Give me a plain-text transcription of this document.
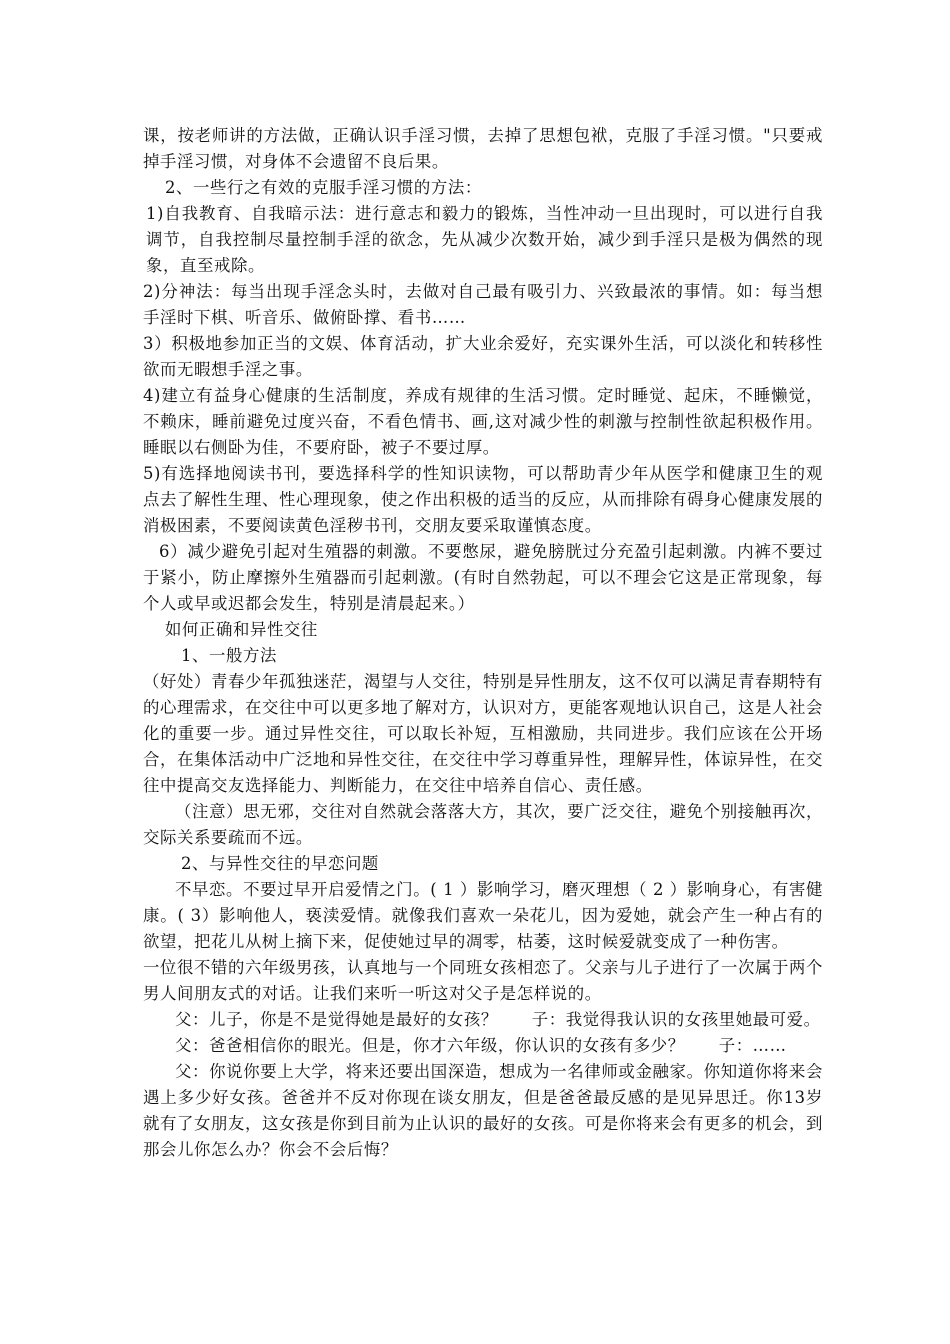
课，按老师讲的方法做，正确认识手淫习惯，去掉了思想包袱，克服了手淫习惯。"只要戒掉手淫习惯，对身体不会遗留不良后果。

2、一些行之有效的克服手淫习惯的方法：

1)自我教育、自我暗示法：进行意志和毅力的锻炼，当性冲动一旦出现时，可以进行自我调节，自我控制尽量控制手淫的欲念，先从减少次数开始，减少到手淫只是极为偶然的现象，直至戒除。

2)分神法：每当出现手淫念头时，去做对自己最有吸引力、兴致最浓的事情。如：每当想手淫时下棋、听音乐、做俯卧撑、看书……

3）积极地参加正当的文娱、体育活动，扩大业余爱好，充实课外生活，可以淡化和转移性欲而无暇想手淫之事。

4)建立有益身心健康的生活制度，养成有规律的生活习惯。定时睡觉、起床，不睡懒觉，不赖床，睡前避免过度兴奋，不看色情书、画,这对减少性的刺激与控制性欲起积极作用。睡眠以右侧卧为佳，不要府卧，被子不要过厚。

5)有选择地阅读书刊，要选择科学的性知识读物，可以帮助青少年从医学和健康卫生的观点去了解性生理、性心理现象，使之作出积极的适当的反应，从而排除有碍身心健康发展的消极困素，不要阅读黄色淫秽书刊，交朋友要采取谨慎态度。

6）减少避免引起对生殖器的刺激。不要憋尿，避免膀胱过分充盈引起刺激。内裤不要过于紧小，防止摩擦外生殖器而引起刺激。(有时自然勃起，可以不理会它这是正常现象，每个人或早或迟都会发生，特别是清晨起来。）

如何正确和异性交往

1、一般方法

（好处）青春少年孤独迷茫，渴望与人交往，特别是异性朋友，这不仅可以满足青春期特有的心理需求，在交往中可以更多地了解对方，认识对方，更能客观地认识自己，这是人社会化的重要一步。通过异性交往，可以取长补短，互相激励，共同进步。我们应该在公开场合，在集体活动中广泛地和异性交往，在交往中学习尊重异性，理解异性，体谅异性，在交往中提高交友选择能力、判断能力，在交往中培养自信心、责任感。

（注意）思无邪，交往对自然就会落落大方，其次，要广泛交往，避免个别接触再次，交际关系要疏而不远。

2、与异性交往的早恋问题

不早恋。不要过早开启爱情之门。( 1 ）影响学习，磨灭理想（ 2 ）影响身心，有害健康。( 3）影响他人，亵渎爱情。就像我们喜欢一朵花儿，因为爱她，就会产生一种占有的欲望，把花儿从树上摘下来，促使她过早的凋零，枯萎，这时候爱就变成了一种伤害。

一位很不错的六年级男孩，认真地与一个同班女孩相恋了。父亲与儿子进行了一次属于两个男人间朋友式的对话。让我们来听一听这对父子是怎样说的。

父：儿子，你是不是觉得她是最好的女孩？　　子：我觉得我认识的女孩里她最可爱。

父：爸爸相信你的眼光。但是，你才六年级，你认识的女孩有多少？　　子：……

父：你说你要上大学，将来还要出国深造，想成为一名律师或金融家。你知道你将来会遇上多少好女孩。爸爸并不反对你现在谈女朋友，但是爸爸最反感的是见异思迁。你13岁就有了女朋友，这女孩是你到目前为止认识的最好的女孩。可是你将来会有更多的机会，到那会儿你怎么办？你会不会后悔？
